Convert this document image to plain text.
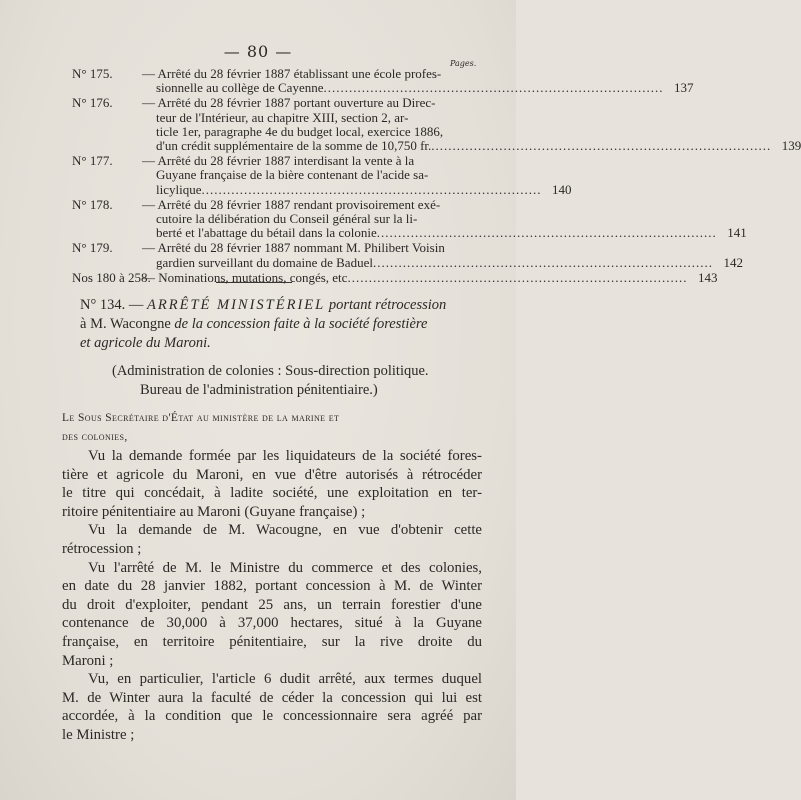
— 80 —
Pages.
N° 175.	— Arrêté du 28 février 1887 établissant une école profes-
sionnelle au collège de Cayenne ................................................................................ 137
N° 176.	— Arrêté du 28 février 1887 portant ouverture au Direc-
teur de l'Intérieur, au chapitre XIII, section 2, ar-
ticle 1er, paragraphe 4e du budget local, exercice 1886,
d'un crédit supplémentaire de la somme de 10,750 fr. ................................................................................ 139
N° 177.	— Arrêté du 28 février 1887 interdisant la vente à la
Guyane française de la bière contenant de l'acide sa-
licylique ................................................................................ 140
N° 178.	— Arrêté du 28 février 1887 rendant provisoirement exé-
cutoire la délibération du Conseil général sur la li-
berté et l'abattage du bétail dans la colonie ................................................................................ 141
N° 179.	— Arrêté du 28 février 1887 nommant M. Philibert Voisin
gardien surveillant du domaine de Baduel ................................................................................ 142
Nos 180 à 258.
— Nominations, mutations, congés, etc ................................................................................ 143
N° 134. — ARRÊTÉ MINISTÉRIEL portant rétrocession
à M. Wacongne de la concession faite à la société forestière
et agricole du Maroni.
(Administration de colonies : Sous-direction politique.
Bureau de l'administration pénitentiaire.)
Le Sous Secrétaire d'État au ministère de la marine et
des colonies,
Vu la demande formée par les liquidateurs de la société fores-
tière et agricole du Maroni, en vue d'être autorisés à rétrocéder
le titre qui concédait, à ladite société, une exploitation en ter-
ritoire pénitentiaire au Maroni (Guyane française) ;
Vu la demande de M. Wacougne, en vue d'obtenir cette
rétrocession ;
Vu l'arrêté de M. le Ministre du commerce et des colonies,
en date du 28 janvier 1882, portant concession à M. de Winter
du droit d'exploiter, pendant 25 ans, un terrain forestier d'une
contenance de 30,000 à 37,000 hectares, situé à la Guyane
française, en territoire pénitentiaire, sur la rive droite du
Maroni ;
Vu, en particulier, l'article 6 dudit arrêté, aux termes duquel
M. de Winter aura la faculté de céder la concession qui lui est
accordée, à la condition que le concessionnaire sera agréé par
le Ministre ;
